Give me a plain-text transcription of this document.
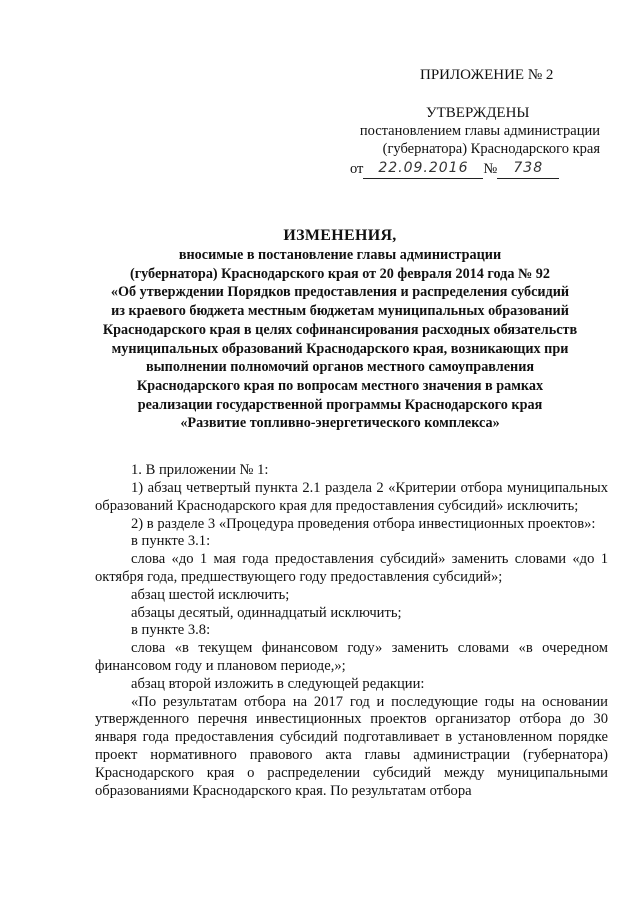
ПРИЛОЖЕНИЕ № 2
УТВЕРЖДЕНЫ
постановлением главы администрации
(губернатора) Краснодарского края
от	22.09.2016	№	738
ИЗМЕНЕНИЯ,
вносимые в постановление главы администрации
(губернатора) Краснодарского края от 20 февраля 2014 года № 92
«Об утверждении Порядков предоставления и распределения субсидий
из краевого бюджета местным бюджетам муниципальных образований
Краснодарского края в целях софинансирования расходных обязательств
муниципальных образований Краснодарского края, возникающих при
выполнении полномочий органов местного самоуправления
Краснодарского края по вопросам местного значения в рамках
реализации государственной программы Краснодарского края
«Развитие топливно-энергетического комплекса»
1. В приложении № 1:

1) абзац четвертый пункта 2.1 раздела 2 «Критерии отбора муниципальных образований Краснодарского края для предоставления субсидий» исключить;

2) в разделе 3 «Процедура проведения отбора инвестиционных проектов»:

в пункте 3.1:

слова «до 1 мая года предоставления субсидий» заменить словами «до 1 октября года, предшествующего году предоставления субсидий»;

абзац шестой исключить;

абзацы десятый, одиннадцатый исключить;

в пункте 3.8:

слова «в текущем финансовом году» заменить словами «в очередном финансовом году и плановом периоде,»;

абзац второй изложить в следующей редакции:

«По результатам отбора на 2017 год и последующие годы на основании утвержденного перечня инвестиционных проектов организатор отбора до 30 января года предоставления субсидий подготавливает в установленном порядке проект нормативного правового акта главы администрации (губернатора) Краснодарского края о распределении субсидий между муниципальными образованиями Краснодарского края. По результатам отбора
